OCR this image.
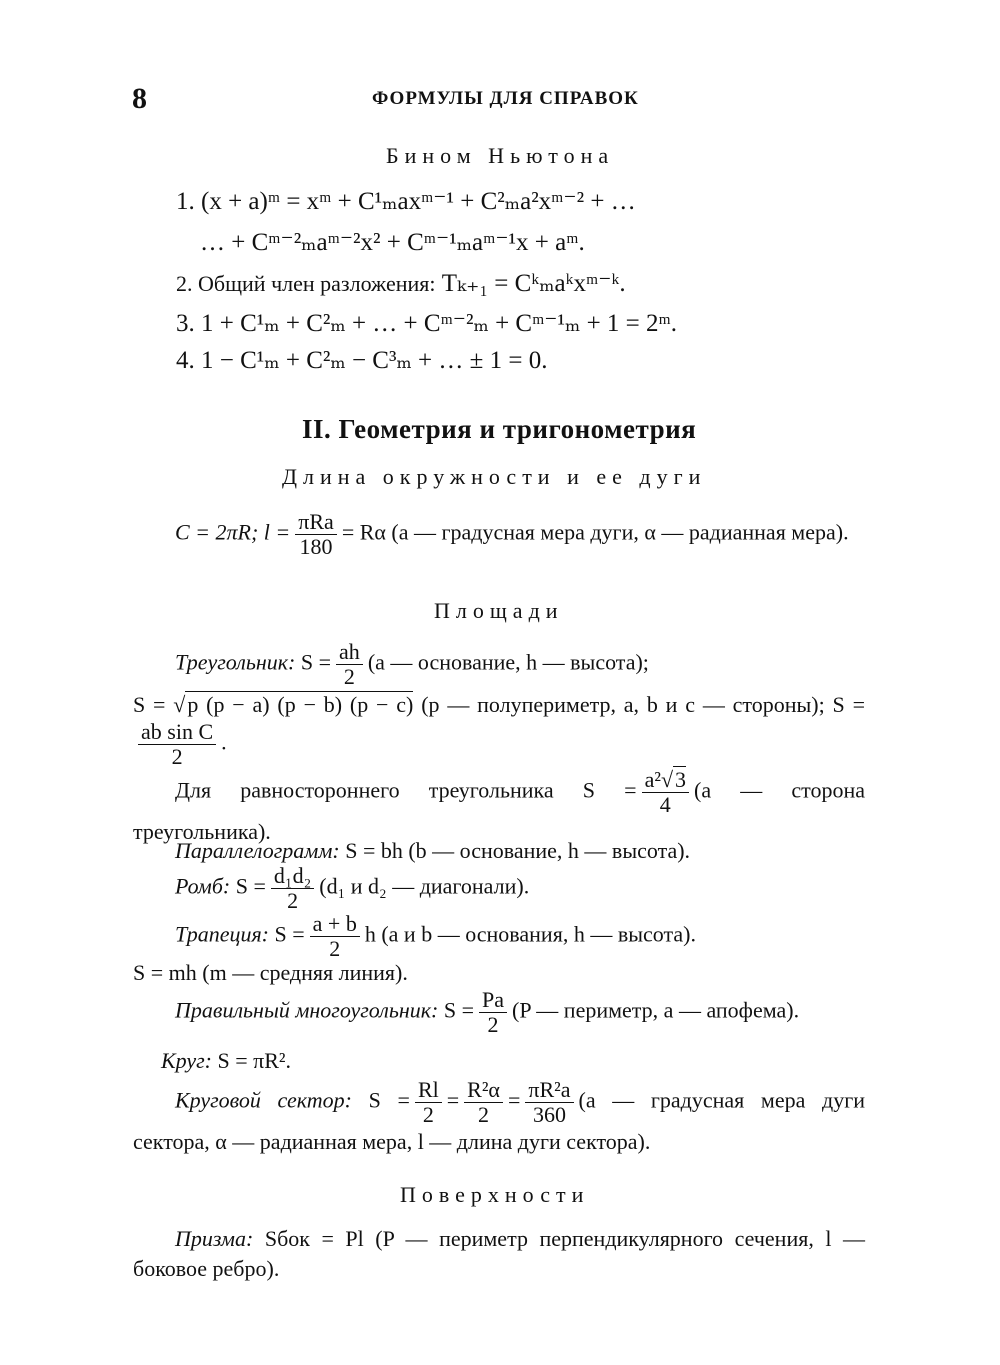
8	ФОРМУЛЫ ДЛЯ СПРАВОК
Бином Ньютона
1. (x + a)ᵐ = xᵐ + C¹ₘaxᵐ⁻¹ + C²ₘa²xᵐ⁻² + …
… + Cᵐ⁻²ₘaᵐ⁻²x² + Cᵐ⁻¹ₘaᵐ⁻¹x + aᵐ.
2. Общий член разложения: Tₖ₊₁ = Cᵏₘaᵏxᵐ⁻ᵏ.
3. 1 + C¹ₘ + C²ₘ + … + Cᵐ⁻²ₘ + Cᵐ⁻¹ₘ + 1 = 2ᵐ.
4. 1 − C¹ₘ + C²ₘ − C³ₘ + … ± 1 = 0.
II. Геометрия и тригонометрия
Длина окружности и ее дуги

C = 2πR; $l = \frac{\text{πRa}}{180} = R\alpha$ (a — градусная мера дуги, α — радианная мера).

Площади

Треугольник: $S = \frac{ah}{2} (a$ — основание, h — высота);

S = √p (p − a) (p − b) (p − c) (p — полупериметр, a, b и c — стороны); S =
$\frac{\text{ab sin C}}{2}$ .

Для равностороннего треугольника $S = \frac{\text{a²√3}}{4} (a$ — сторона треугольника).

Параллелограмм: S = bh (b — основание, h — высота).

Ромб: $S = \frac{\text{d₁d₂}}{2} (d_1$ и d₂ — диагонали).

Трапеция: $S = \frac{a + b}{2}$ h (a и b — основания, h — высота).

S = mh (m — средняя линия).

Правильный многоугольник: $S = \frac{Pa}{2} (P$ — периметр, a — апофема).

Круг: S = πR².

Круговой сектор: $S = \frac{Rl}{2} = \frac{\text{R²α}}{2} = \frac{\text{πR²a}}{360} (a$ — градусная мера дуги сектора, α — радианная мера, l — длина дуги сектора).

Поверхности

Призма: Sбок = Pl (P — периметр перпендикулярного сечения, l — боковое ребро).
